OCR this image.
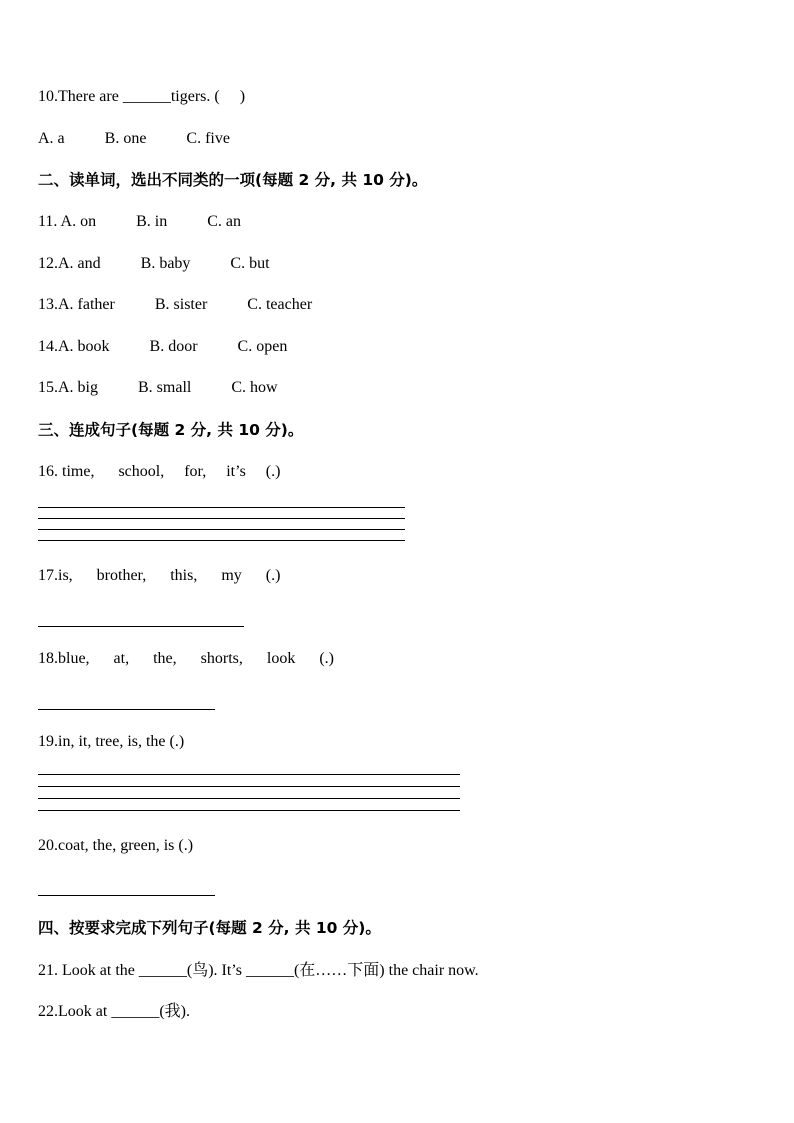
10.There are ______tigers. (     )
A. a          B. one          C. five
二、读单词，选出不同类的一项(每题 2 分, 共 10 分)。
11. A. on          B. in          C. an
12.A. and          B. baby          C. but
13.A. father          B. sister          C. teacher
14.A. book          B. door          C. open
15.A. big          B. small          C. how
三、连成句子(每题 2 分, 共 10 分)。
16. time,      school,     for,     it’s     (.)
17.is,      brother,      this,      my      (.)
18.blue,      at,      the,      shorts,      look      (.)
19.in, it, tree, is, the (.)
20.coat, the, green, is (.)
四、按要求完成下列句子(每题 2 分, 共 10 分)。
21. Look at the ______(鸟). It’s ______(在……下面) the chair now.
22.Look at ______(我).
